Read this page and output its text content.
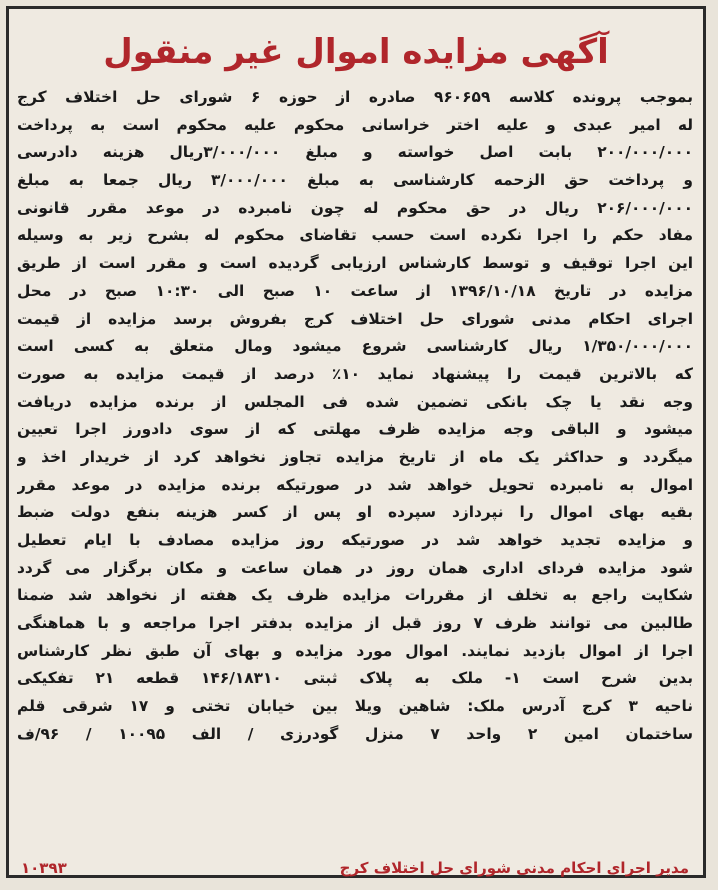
آگهی مزایده اموال غیر منقول
بموجب پرونده کلاسه ۹۶۰۶۵۹ صادره از حوزه ۶ شورای حل اختلاف کرج
له امیر عبدی و علیه اختر خراسانی محکوم علیه محکوم است به پرداخت
۲۰۰/۰۰۰/۰۰۰ بابت اصل خواسته و مبلغ ۳/۰۰۰/۰۰۰ریال هزینه دادرسی
و پرداخت حق الزحمه کارشناسی به مبلغ ۳/۰۰۰/۰۰۰ ریال جمعا به مبلغ
۲۰۶/۰۰۰/۰۰۰ ریال در حق محکوم له چون نامبرده در موعد مقرر قانونی
مفاد حکم را اجرا نکرده است حسب تقاضای محکوم له بشرح زیر به وسیله
این اجرا توقیف و توسط کارشناس ارزیابی گردیده است و مقرر است از طریق
مزایده در تاریخ ۱۳۹۶/۱۰/۱۸ از ساعت ۱۰ صبح الی ۱۰:۳۰ صبح در محل
اجرای احکام مدنی شورای حل اختلاف کرج بفروش برسد مزایده از قیمت
۱/۳۵۰/۰۰۰/۰۰۰ ریال کارشناسی شروع میشود ومال متعلق به کسی است
که بالاترین قیمت را پیشنهاد نماید ۱۰٪ درصد از قیمت مزایده به صورت
وجه نقد یا چک بانکی تضمین شده فی المجلس از برنده مزایده دریافت
میشود و الباقی وجه مزایده ظرف مهلتی که از سوی دادورز اجرا تعیین
میگردد و حداکثر یک ماه از تاریخ مزایده تجاوز نخواهد کرد از خریدار اخذ و
اموال به نامبرده تحویل خواهد شد در صورتیکه برنده مزایده در موعد مقرر
بقیه بهای اموال را نپردازد سپرده او پس از کسر هزینه بنفع دولت ضبط
و مزایده تجدید خواهد شد در صورتیکه روز مزایده مصادف با ایام تعطیل
شود مزایده فردای اداری همان روز در همان ساعت و مکان برگزار می گردد
شکایت راجع به تخلف از مقررات مزایده ظرف یک هفته از نخواهد شد ضمنا
طالبین می توانند ظرف ۷ روز قبل از مزایده بدفتر اجرا مراجعه و با هماهنگی
اجرا از اموال بازدید نمایند. اموال مورد مزایده و بهای آن طبق نظر کارشناس
بدین شرح است ۱- ملک به پلاک ثبتی ۱۴۶/۱۸۳۱۰ قطعه ۲۱ تفکیکی
ناحیه ۳ کرج آدرس ملک: شاهین ویلا بین خیابان تختی و ۱۷ شرقی قلم
ساختمان امین ۲ واحد ۷ منزل گودرزی / الف ۱۰۰۹۵ / ۹۶/ف
مدیر اجرای احکام مدنی شورای حل اختلاف کرج
۱۰۳۹۳
